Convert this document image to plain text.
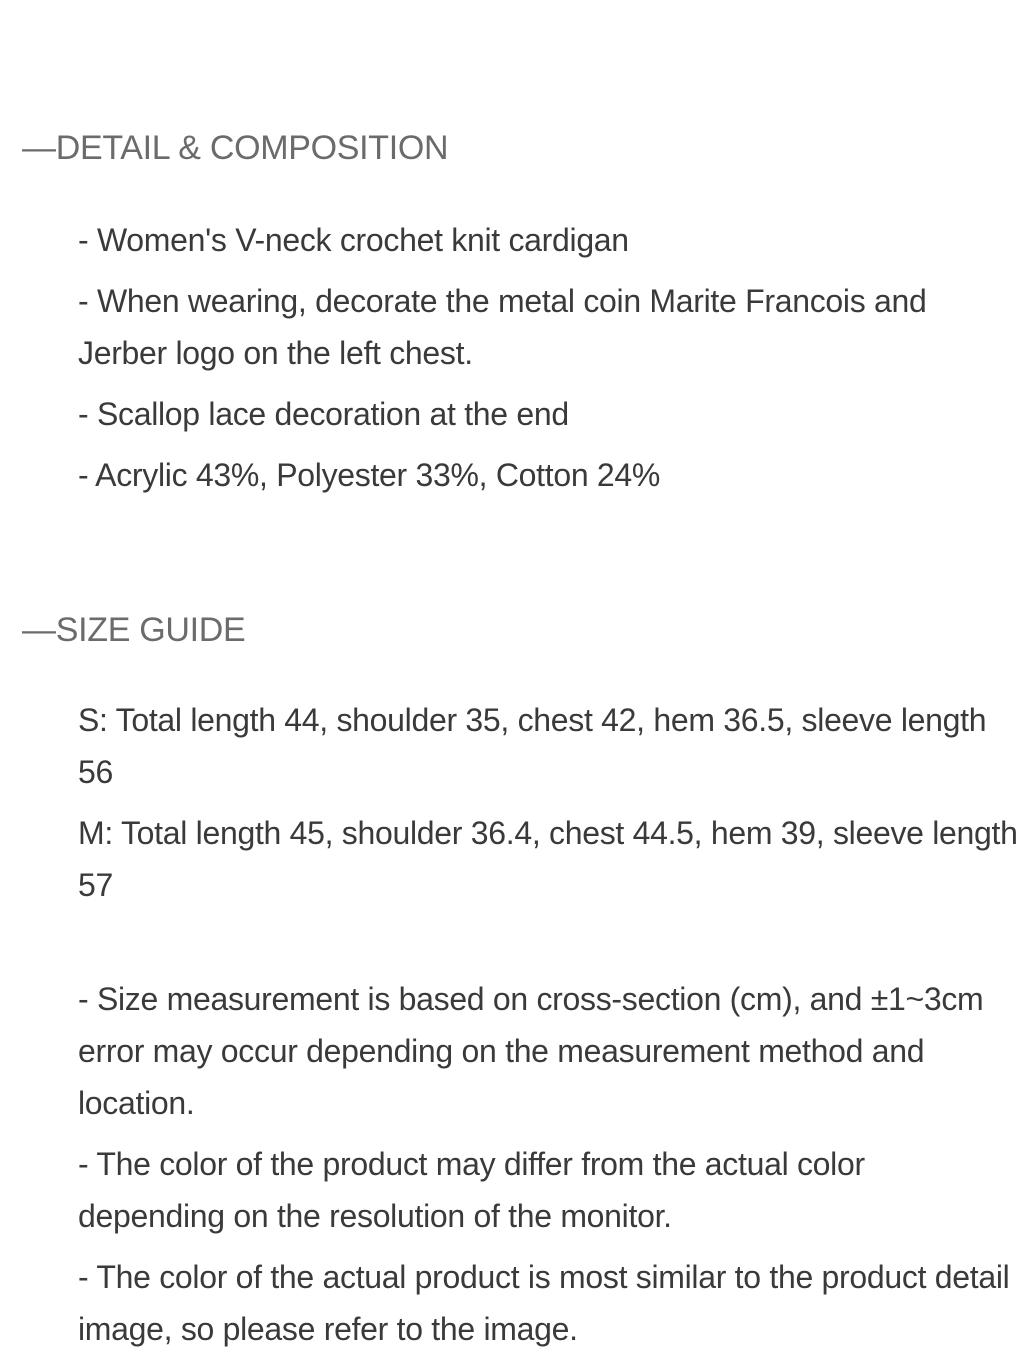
—DETAIL & COMPOSITION

- Women's V-neck crochet knit cardigan

- When wearing, decorate the metal coin Marite Francois and Jerber logo on the left chest.

- Scallop lace decoration at the end

- Acrylic 43%, Polyester 33%, Cotton 24%

—SIZE GUIDE

S: Total length 44, shoulder 35, chest 42, hem 36.5, sleeve length 56

M: Total length 45, shoulder 36.4, chest 44.5, hem 39, sleeve length 57

- Size measurement is based on cross-section (cm), and ±1~3cm error may occur depending on the measurement method and location.

- The color of the product may differ from the actual color depending on the resolution of the monitor.

- The color of the actual product is most similar to the product detail image, so please refer to the image.
